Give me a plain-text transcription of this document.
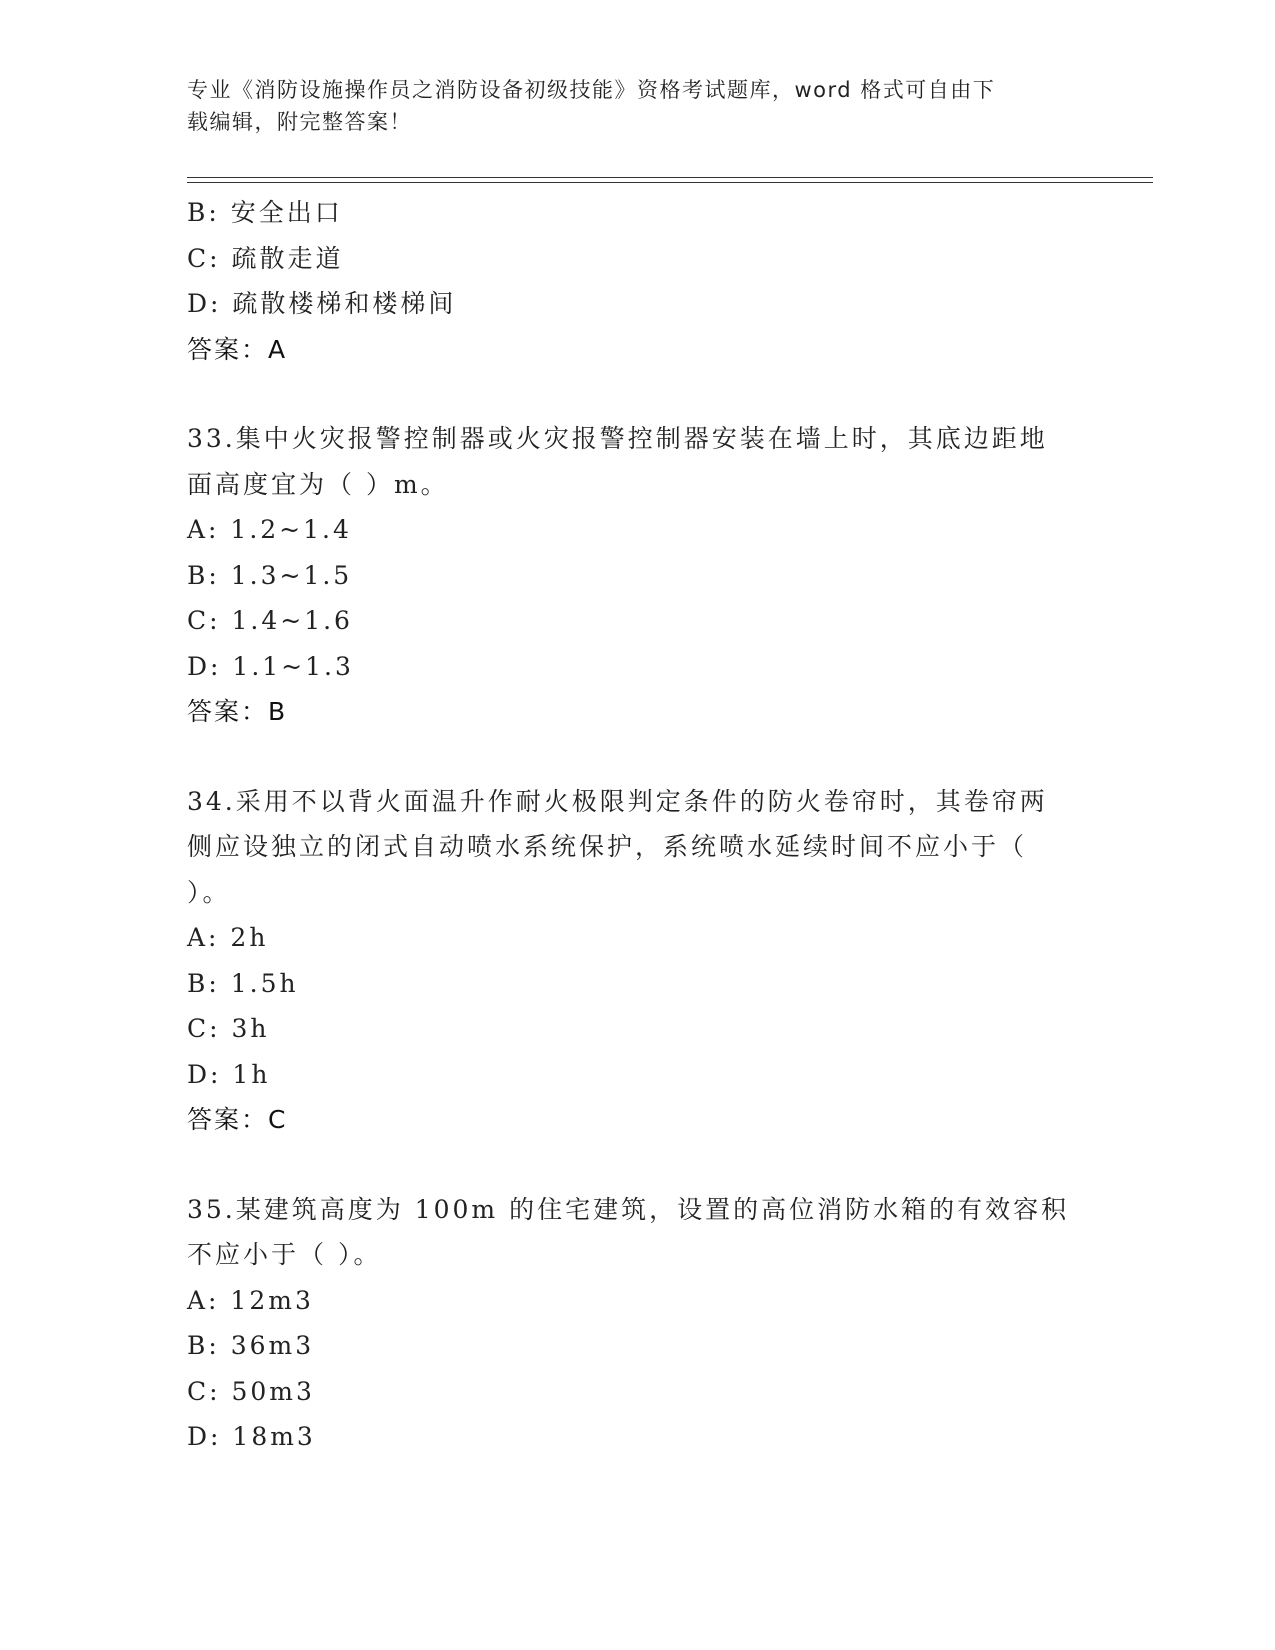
专业《消防设施操作员之消防设备初级技能》资格考试题库，word 格式可自由下
载编辑，附完整答案！
B: 安全出口
C: 疏散走道
D: 疏散楼梯和楼梯间
答案：A
33.集中火灾报警控制器或火灾报警控制器安装在墙上时，其底边距地
面高度宜为（ ）m。
A: 1.2~1.4
B: 1.3~1.5
C: 1.4~1.6
D: 1.1~1.3
答案：B
34.采用不以背火面温升作耐火极限判定条件的防火卷帘时，其卷帘两
侧应设独立的闭式自动喷水系统保护，系统喷水延续时间不应小于（
）。
A: 2h
B: 1.5h
C: 3h
D: 1h
答案：C
35.某建筑高度为 100m 的住宅建筑，设置的高位消防水箱的有效容积
不应小于（ ）。
A: 12m3
B: 36m3
C: 50m3
D: 18m3
